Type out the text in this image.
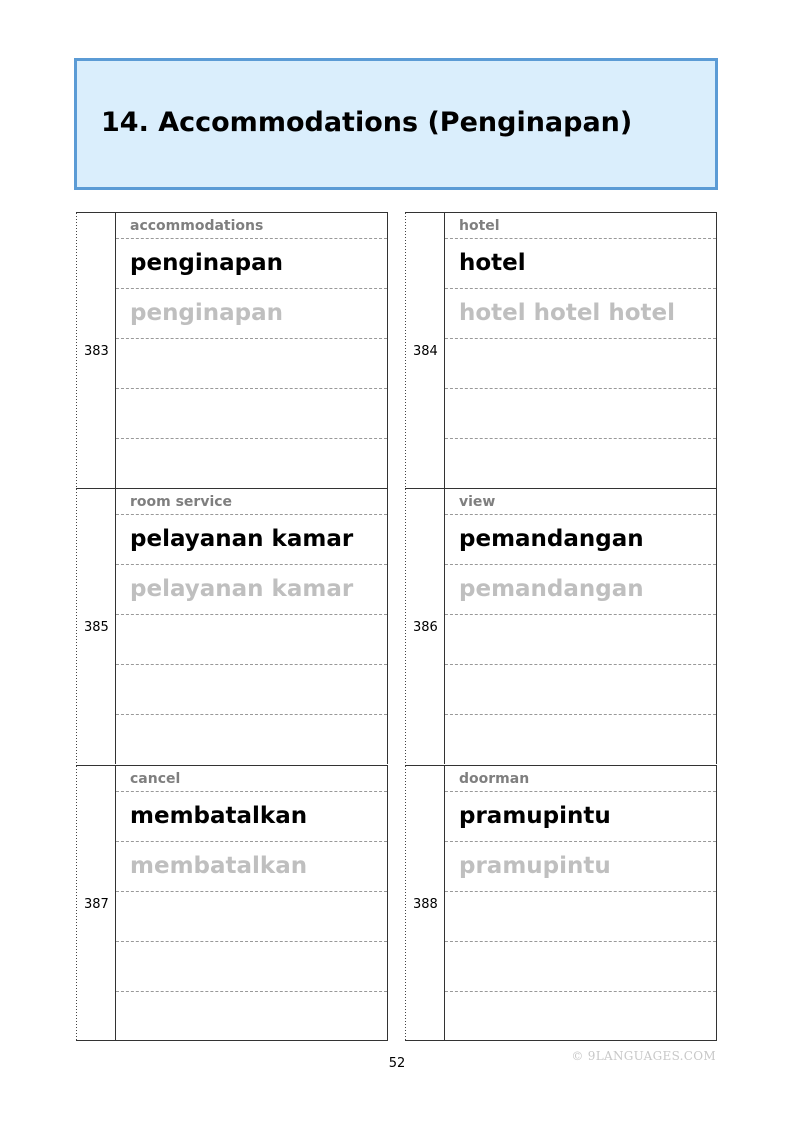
14. Accommodations (Penginapan)
383
accommodations
penginapan
penginapan
384
hotel
hotel
hotel hotel hotel
385
room service
pelayanan kamar
pelayanan kamar
386
view
pemandangan
pemandangan
387
cancel
membatalkan
membatalkan
388
doorman
pramupintu
pramupintu
52	© 9LANGUAGES.COM
